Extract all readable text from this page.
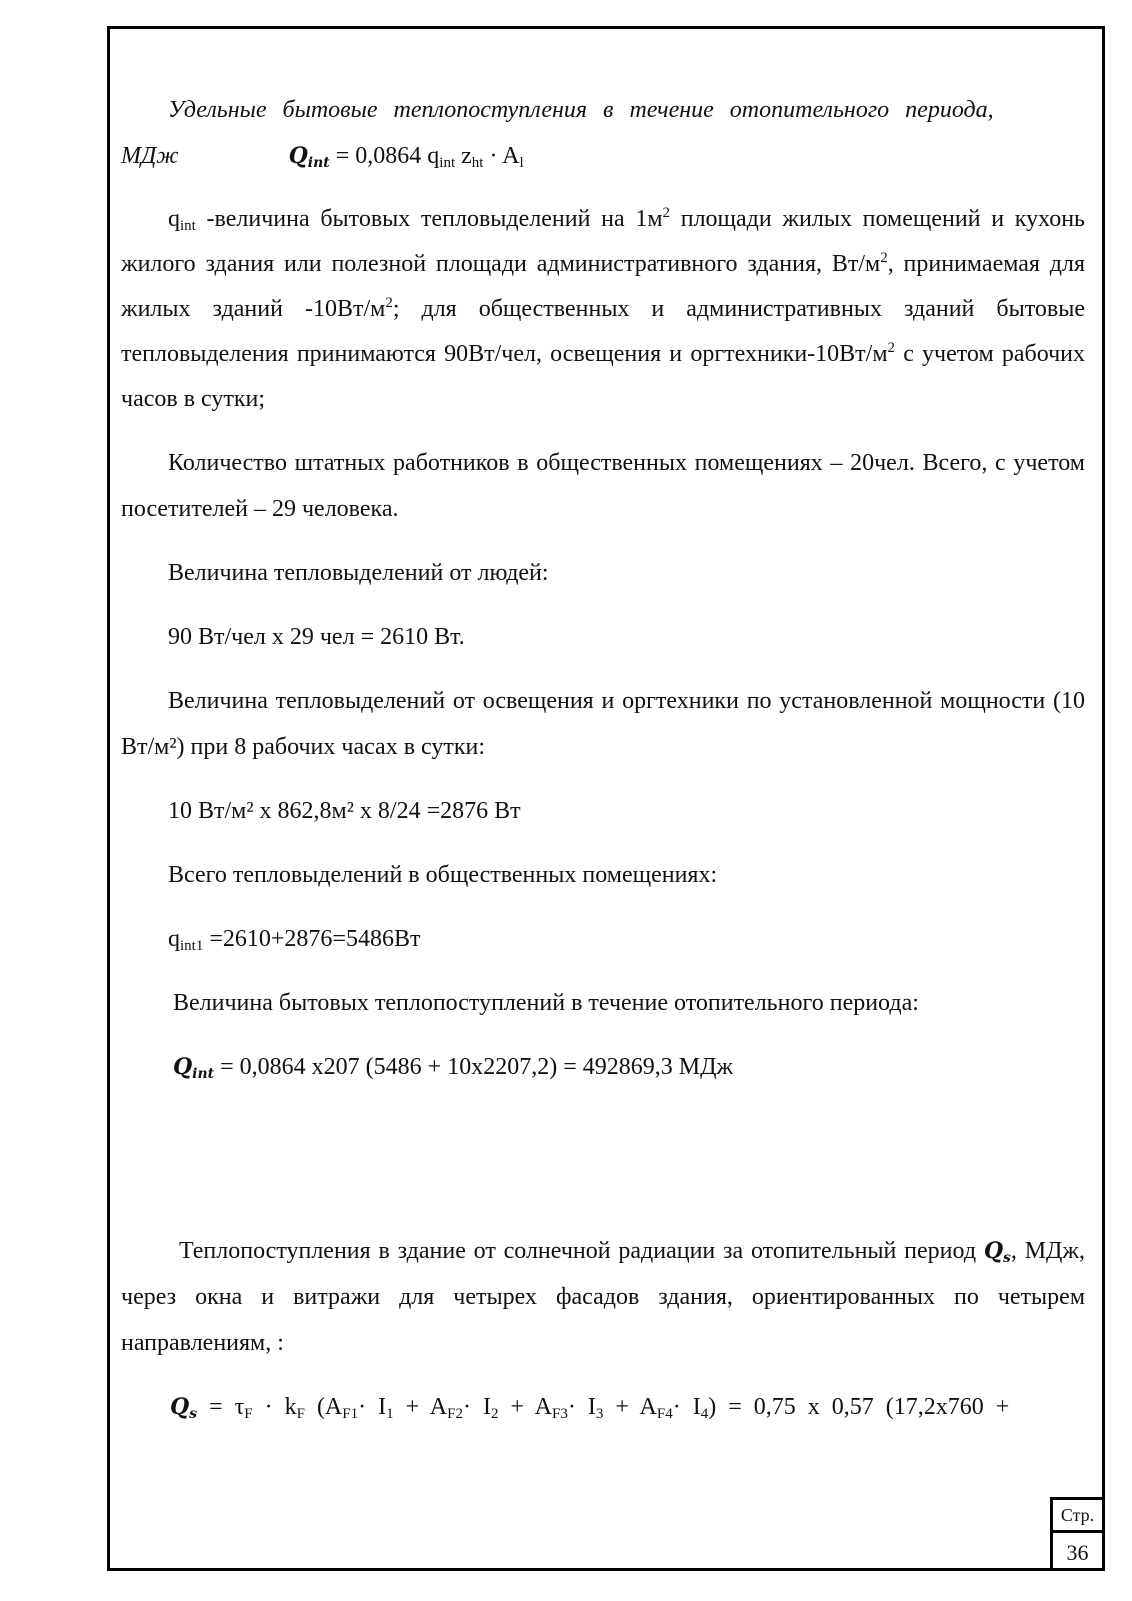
Удельные бытовые теплопоступления в течение отопительного периода,
МДж	$Q_{int} = 0,0864$ $q_{int}$ $z_{ht} \cdot A_l$

$q_{int}$ -величина бытовых тепловыделений на $1м^2$ площади жилых помещений и кухонь жилого здания или полезной площади административного здания, $Вт/м^2$, принимаемая для жилых зданий $-10Вт/м^2$; для общественных и административных зданий бытовые тепловыделения принимаются 90Вт/чел, освещения и оргтехники-$10Вт/м^2$ с учетом рабочих часов в сутки;

Количество штатных работников в общественных помещениях – 20чел. Всего, с учетом посетителей – 29 человека.

Величина тепловыделений от людей:

90 Вт/чел х 29 чел = 2610 Вт.

Величина тепловыделений от освещения и оргтехники по установленной мощности (10 Вт/м²) при 8 рабочих часах в сутки:

10 Вт/м² х 862,8м² х 8/24 =2876 Вт

Всего тепловыделений в общественных помещениях:

$q_{int1} =2610+2876=5486Вт$

Величина бытовых теплопоступлений в течение отопительного периода:

$Q_{int} = 0,0864$ х207 (5486 + 10х2207,2) = 492869,3 МДж

Теплопоступления в здание от солнечной радиации за отопительный период $Q_s$, МДж, через окна и витражи для четырех фасадов здания, ориентированных по четырем направлениям, :

$Q_s = \tau_F \cdot k_F$ $(A_{F1}\cdot I_1 + A_{F2}\cdot I_2 + A_{F3}\cdot I_3 + A_{F4}\cdot I_4) = 0,75$ х 0,57 (17,2х760 +

Стр.
36
